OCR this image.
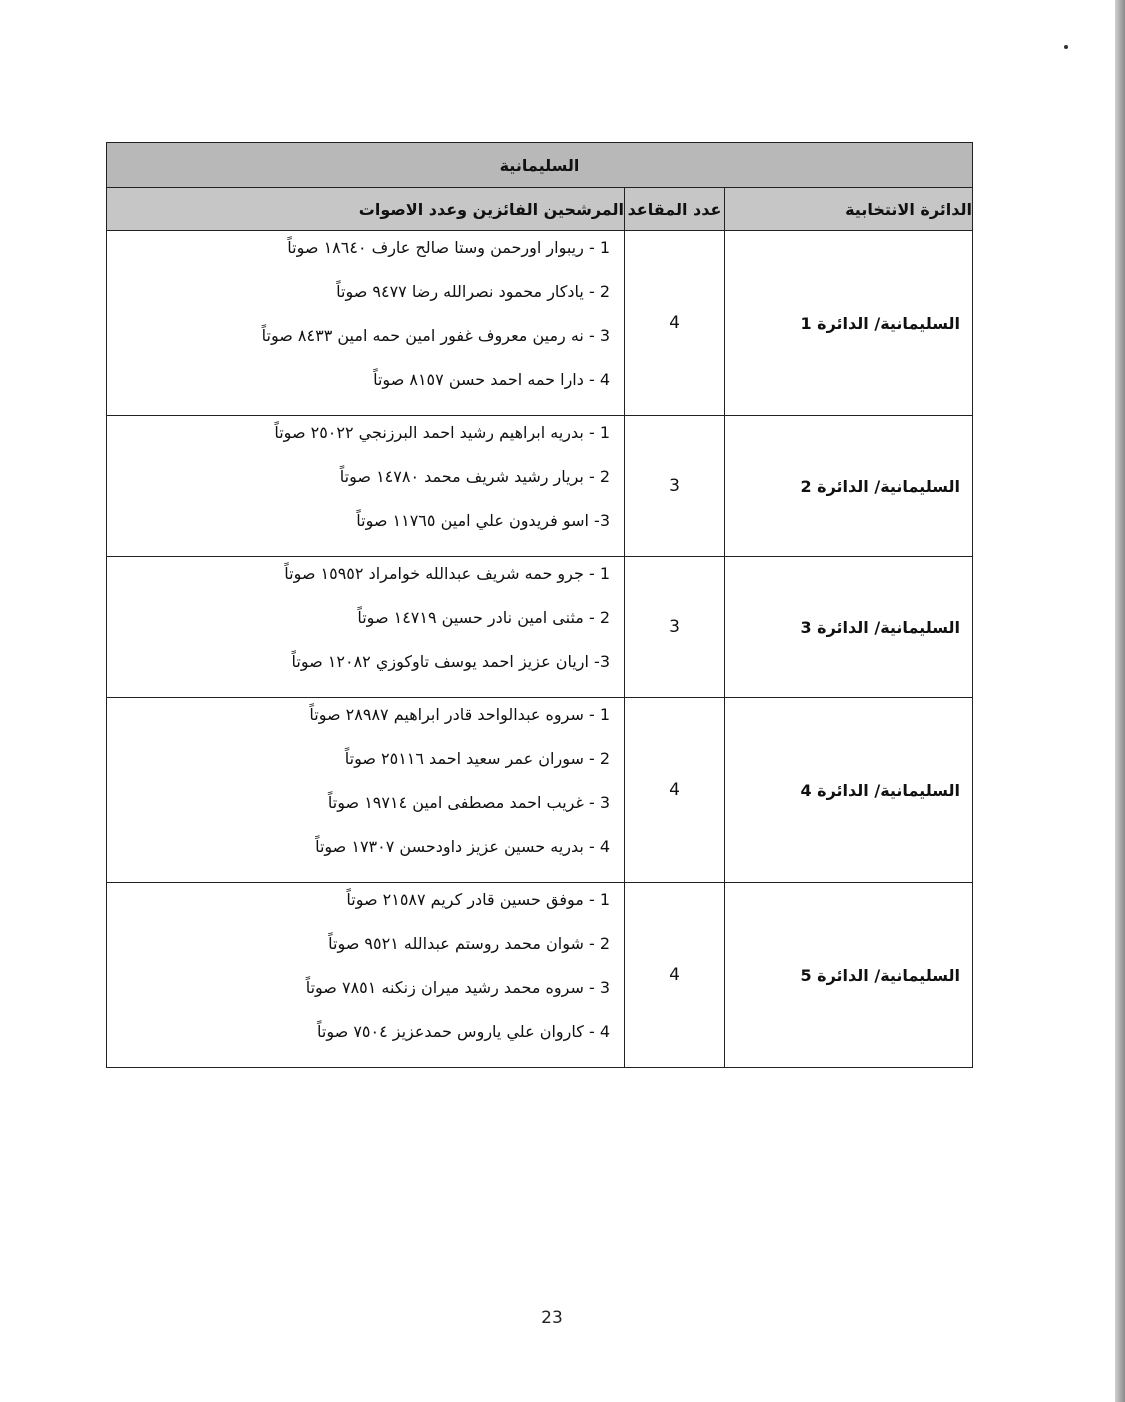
السليمانية		
الدائرة الانتخابية	عدد المقاعد	المرشحين الفائزين وعدد الاصوات
السليمانية/ الدائرة 1	4	1 - ريبوار اورحمن وستا صالح عارف ١٨٦٤٠ صوتاً
2 - يادكار محمود نصرالله رضا ٩٤٧٧ صوتاً
3 - نه رمين معروف غفور امين حمه امين ٨٤٣٣ صوتاً
4 - دارا حمه احمد حسن ٨١٥٧ صوتاً

السليمانية/ الدائرة 2	3	1 - بدريه ابراهيم رشيد احمد البرزنجي ٢٥٠٢٢ صوتاً
2 - بريار رشيد شريف محمد ١٤٧٨٠ صوتاً
3- اسو فريدون علي امين ١١٧٦٥ صوتاً

السليمانية/ الدائرة 3	3	1 - جرو حمه شريف عبدالله خوامراد ١٥٩٥٢ صوتاً
2 - مثنى امين نادر حسين ١٤٧١٩ صوتاً
3- اريان عزيز احمد يوسف تاوكوزي ١٢٠٨٢ صوتاً

السليمانية/ الدائرة 4	4	1 - سروه عبدالواحد قادر ابراهيم ٢٨٩٨٧ صوتاً
2 - سوران عمر سعيد احمد ٢٥١١٦ صوتاً
3 - غريب احمد مصطفى امين ١٩٧١٤ صوتاً
4 - بدريه حسين عزيز داودحسن ١٧٣٠٧ صوتاً

السليمانية/ الدائرة 5	4	1 - موفق حسين قادر كريم ٢١٥٨٧ صوتاً
2 - شوان محمد روستم عبدالله ٩٥٢١ صوتاً
3 - سروه محمد رشيد ميران زنكنه ٧٨٥١ صوتاً
4 - كاروان علي ياروس حمدعزيز ٧٥٠٤ صوتاً
23
